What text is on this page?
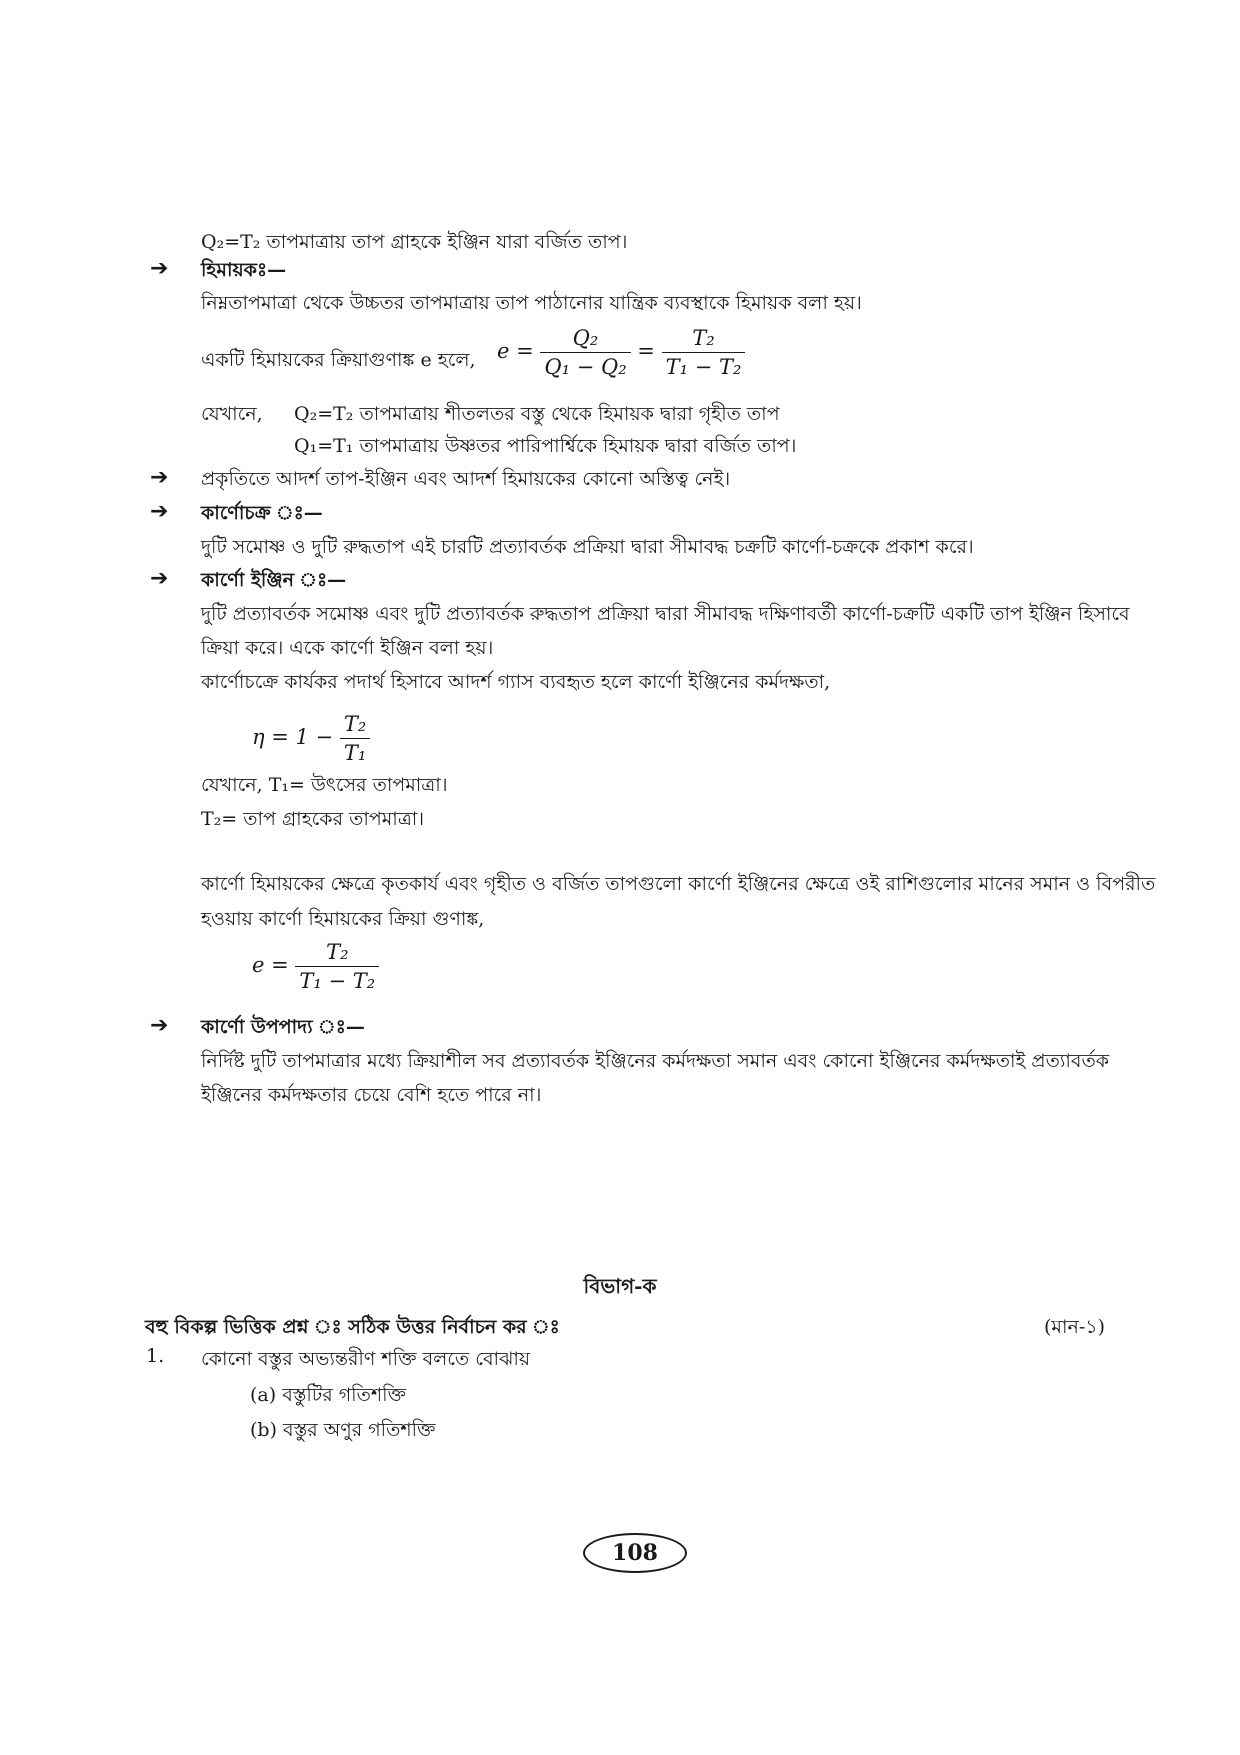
Q₂=T₂ তাপমাত্রায় তাপ গ্রাহকে ইঞ্জিন যারা বর্জিত তাপ।
➔ হিমায়কঃ—
নিম্নতাপমাত্রা থেকে উচ্চতর তাপমাত্রায় তাপ পাঠানোর যান্ত্রিক ব্যবস্থাকে হিমায়ক বলা হয়।
একটি হিমায়কের ক্রিয়াগুণাঙ্ক e হলে, $e = \frac{\text{Q₂}}{\text{Q₁ − Q₂}} = \frac{\text{T₂}}{\text{T₁ − T₂}}$
যেখানে, Q₂=T₂ তাপমাত্রায় শীতলতর বস্তু থেকে হিমায়ক দ্বারা গৃহীত তাপ
Q₁=T₁ তাপমাত্রায় উষ্ণতর পারিপার্শ্বিকে হিমায়ক দ্বারা বর্জিত তাপ।
➔ প্রকৃতিতে আদর্শ তাপ-ইঞ্জিন এবং আদর্শ হিমায়কের কোনো অস্তিত্ব নেই।
➔ কার্ণোচক্র ঃ—
দুটি সমোষ্ণ ও দুটি রুদ্ধতাপ এই চারটি প্রত্যাবর্তক প্রক্রিয়া দ্বারা সীমাবদ্ধ চক্রটি কার্ণো-চক্রকে প্রকাশ করে।
➔ কার্ণো ইঞ্জিন ঃ—
দুটি প্রত্যাবর্তক সমোষ্ণ এবং দুটি প্রত্যাবর্তক রুদ্ধতাপ প্রক্রিয়া দ্বারা সীমাবদ্ধ দক্ষিণাবর্তী কার্ণো-চক্রটি একটি তাপ ইঞ্জিন হিসাবে
ক্রিয়া করে। একে কার্ণো ইঞ্জিন বলা হয়।
কার্ণোচক্রে কার্যকর পদার্থ হিসাবে আদর্শ গ্যাস ব্যবহৃত হলে কার্ণো ইঞ্জিনের কর্মদক্ষতা,
$\eta = 1 - \frac{\text{T₂}}{\text{T₁}}$
যেখানে, T₁= উৎসের তাপমাত্রা।
T₂= তাপ গ্রাহকের তাপমাত্রা।
কার্ণো হিমায়কের ক্ষেত্রে কৃতকার্য এবং গৃহীত ও বর্জিত তাপগুলো কার্ণো ইঞ্জিনের ক্ষেত্রে ওই রাশিগুলোর মানের সমান ও বিপরীত
হওয়ায় কার্ণো হিমায়কের ক্রিয়া গুণাঙ্ক,
$e = \frac{\text{T₂}}{\text{T₁ − T₂}}$
➔ কার্ণো উপপাদ্য ঃ—
নির্দিষ্ট দুটি তাপমাত্রার মধ্যে ক্রিয়াশীল সব প্রত্যাবর্তক ইঞ্জিনের কর্মদক্ষতা সমান এবং কোনো ইঞ্জিনের কর্মদক্ষতাই প্রত্যাবর্তক
ইঞ্জিনের কর্মদক্ষতার চেয়ে বেশি হতে পারে না।
বিভাগ-ক
বহু বিকল্প ভিত্তিক প্রশ্ন ঃ সঠিক উত্তর নির্বাচন কর ঃ	(মান-১)
1. কোনো বস্তুর অভ্যন্তরীণ শক্তি বলতে বোঝায়
(a) বস্তুটির গতিশক্তি
(b) বস্তুর অণুর গতিশক্তি
108
